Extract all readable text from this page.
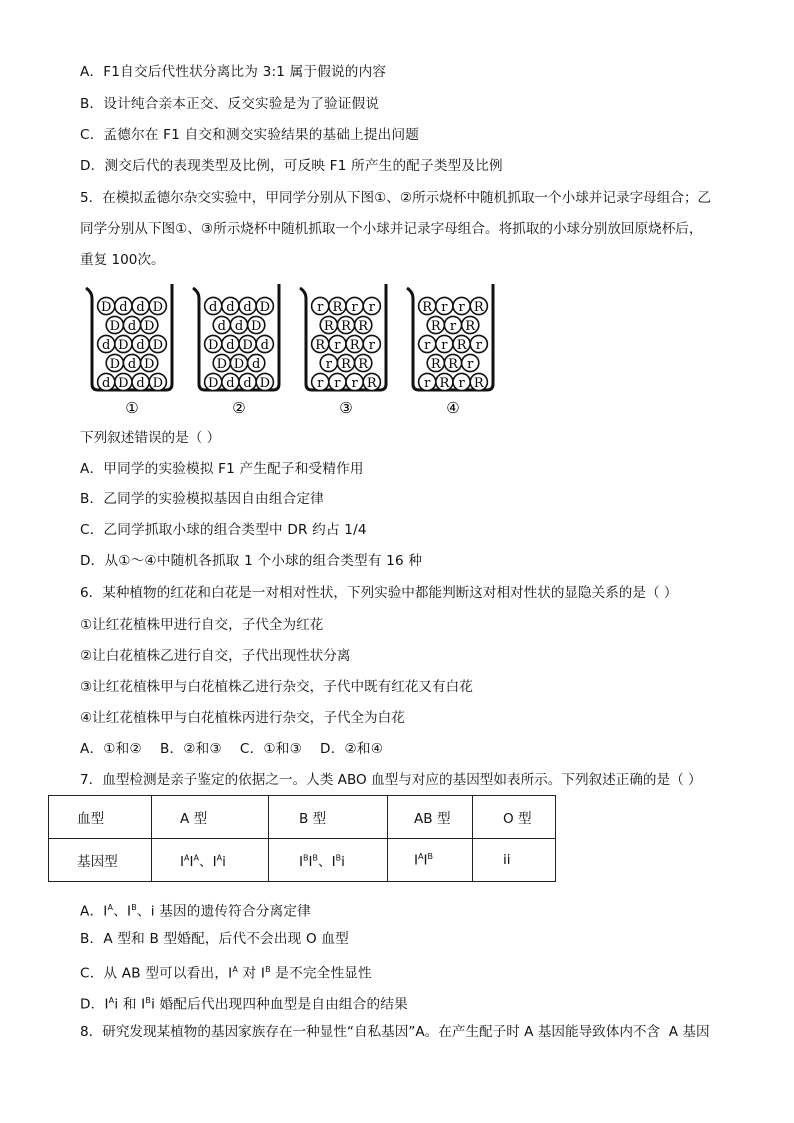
A．F1自交后代性状分离比为 3:1 属于假说的内容
B．设计纯合亲本正交、反交实验是为了验证假说
C．孟德尔在 F1 自交和测交实验结果的基础上提出问题
D．测交后代的表现类型及比例，可反映 F1 所产生的配子类型及比例
5．在模拟孟德尔杂交实验中，甲同学分别从下图①、②所示烧杯中随机抓取一个小球并记录字母组合；乙
同学分别从下图①、③所示烧杯中随机抓取一个小球并记录字母组合。将抓取的小球分别放回原烧杯后，
重复 100次。
D d d D
D d D
d D d D
D d D
d D d D
①
d d d D
d d D
D d D d
D D d
D d d D
②
r R r r
R R R
R r R r
r R R
r r r R
③
R r r R
R r R
r r R r
R R r
r R r R
④
下列叙述错误的是（ ）
A．甲同学的实验模拟 F1 产生配子和受精作用
B．乙同学的实验模拟基因自由组合定律
C．乙同学抓取小球的组合类型中 DR 约占 1/4
D．从①～④中随机各抓取 1 个小球的组合类型有 16 种
6．某种植物的红花和白花是一对相对性状，下列实验中都能判断这对相对性状的显隐关系的是（ ）
①让红花植株甲进行自交，子代全为红花
②让白花植株乙进行自交，子代出现性状分离
③让红花植株甲与白花植株乙进行杂交，子代中既有红花又有白花
④让红花植株甲与白花植株丙进行杂交，子代全为白花
A．①和②    B．②和③    C．①和③    D．②和④
7．血型检测是亲子鉴定的依据之一。人类 ABO 血型与对应的基因型如表所示。下列叙述正确的是（ ）
血型	A 型	B 型	AB 型	O 型
基因型	$I^AI^A$、$I^Ai$	$I^BI^B$、$I^Bi$	$I^AI^B$	ii
A．$I^A$、$I^B$、i 基因的遗传符合分离定律
B．A 型和 B 型婚配，后代不会出现 O 血型
C．从 AB 型可以看出，$I^A$ 对 $I^B$ 是不完全性显性
D．$I^Ai$ 和 $I^Bi$ 婚配后代出现四种血型是自由组合的结果
8．研究发现某植物的基因家族存在一种显性“自私基因”A。在产生配子时 A 基因能导致体内不含  A 基因
